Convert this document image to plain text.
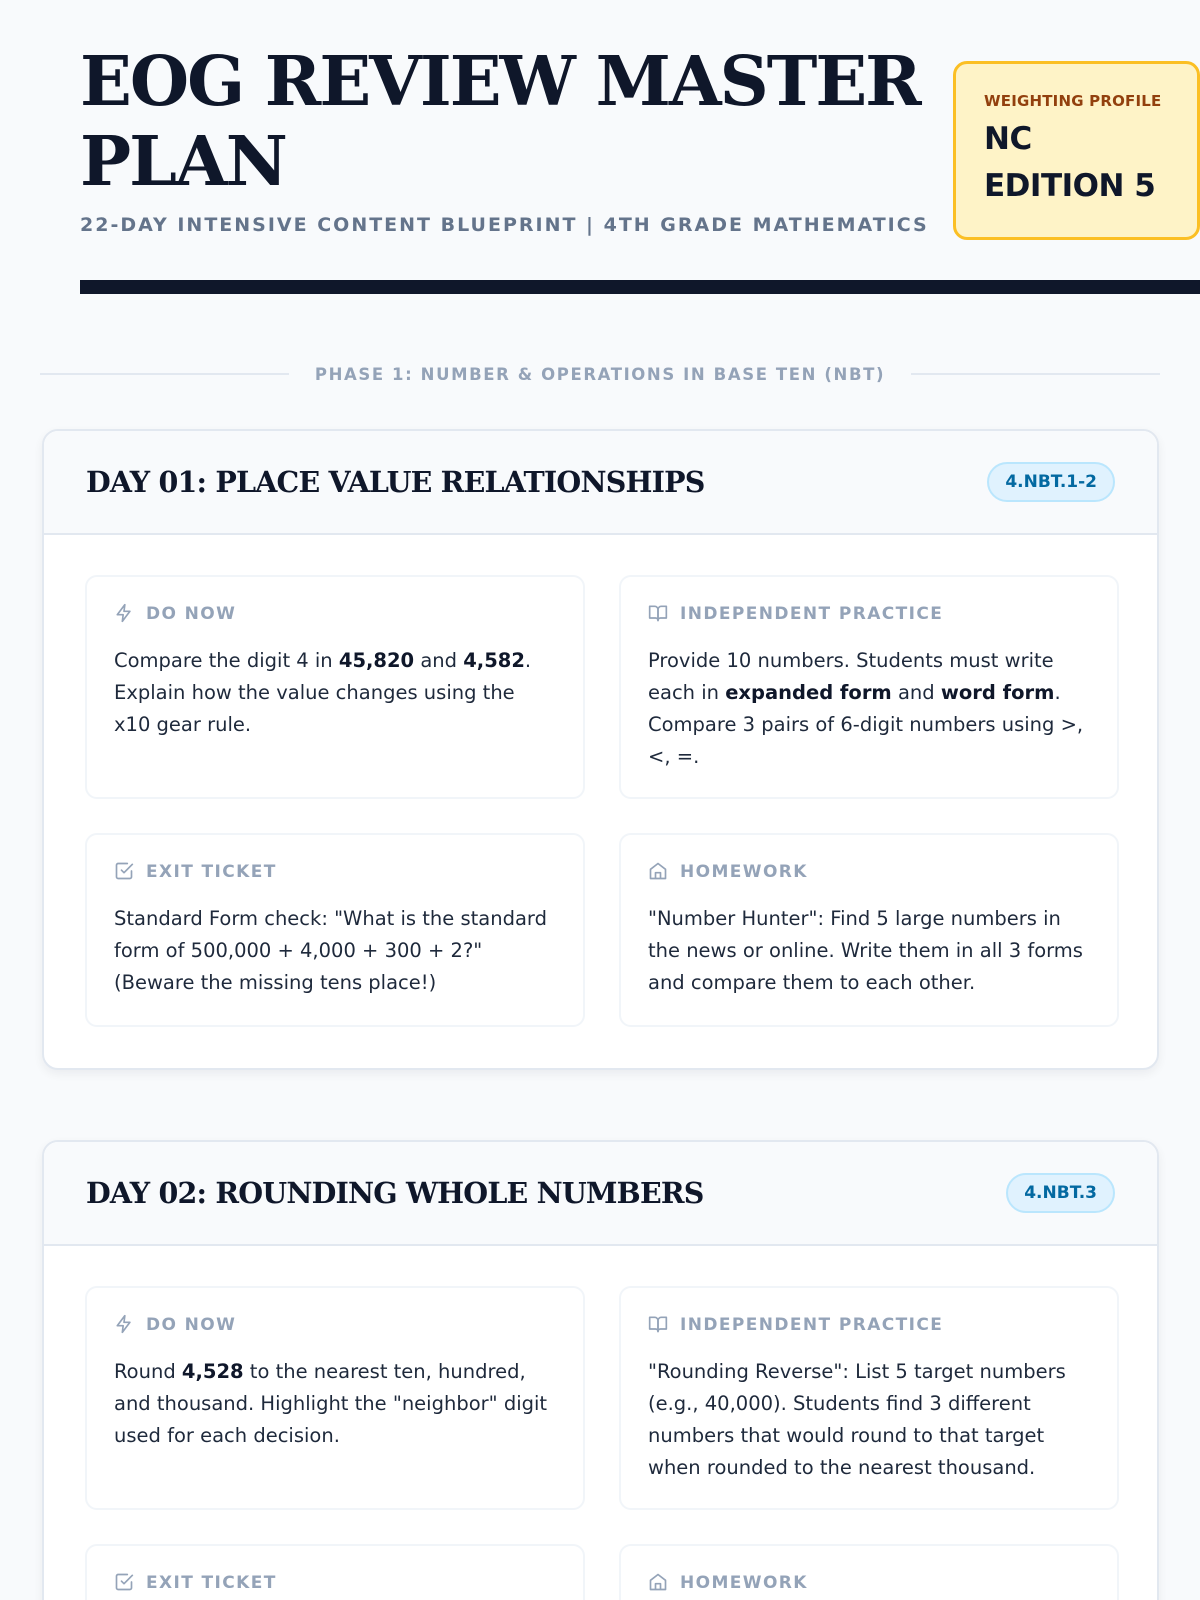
EOG REVIEW MASTER PLAN
22-DAY INTENSIVE CONTENT BLUEPRINT | 4TH GRADE MATHEMATICS
WEIGHTING PROFILE
NC EDITION 5
PHASE 1: NUMBER & OPERATIONS IN BASE TEN (NBT)
DAY 01: PLACE VALUE RELATIONSHIPS	4.NBT.1-2
DO NOW
Compare the digit 4 in 45,820 and 4,582. Explain how the value changes using the x10 gear rule.
INDEPENDENT PRACTICE
Provide 10 numbers. Students must write each in expanded form and word form. Compare 3 pairs of 6-digit numbers using >, <, =.
EXIT TICKET
Standard Form check: "What is the standard form of 500,000 + 4,000 + 300 + 2?" (Beware the missing tens place!)
HOMEWORK
"Number Hunter": Find 5 large numbers in the news or online. Write them in all 3 forms and compare them to each other.
DAY 02: ROUNDING WHOLE NUMBERS	4.NBT.3
DO NOW
Round 4,528 to the nearest ten, hundred, and thousand. Highlight the "neighbor" digit used for each decision.
INDEPENDENT PRACTICE
"Rounding Reverse": List 5 target numbers (e.g., 40,000). Students find 3 different numbers that would round to that target when rounded to the nearest thousand.
EXIT TICKET	HOMEWORK
